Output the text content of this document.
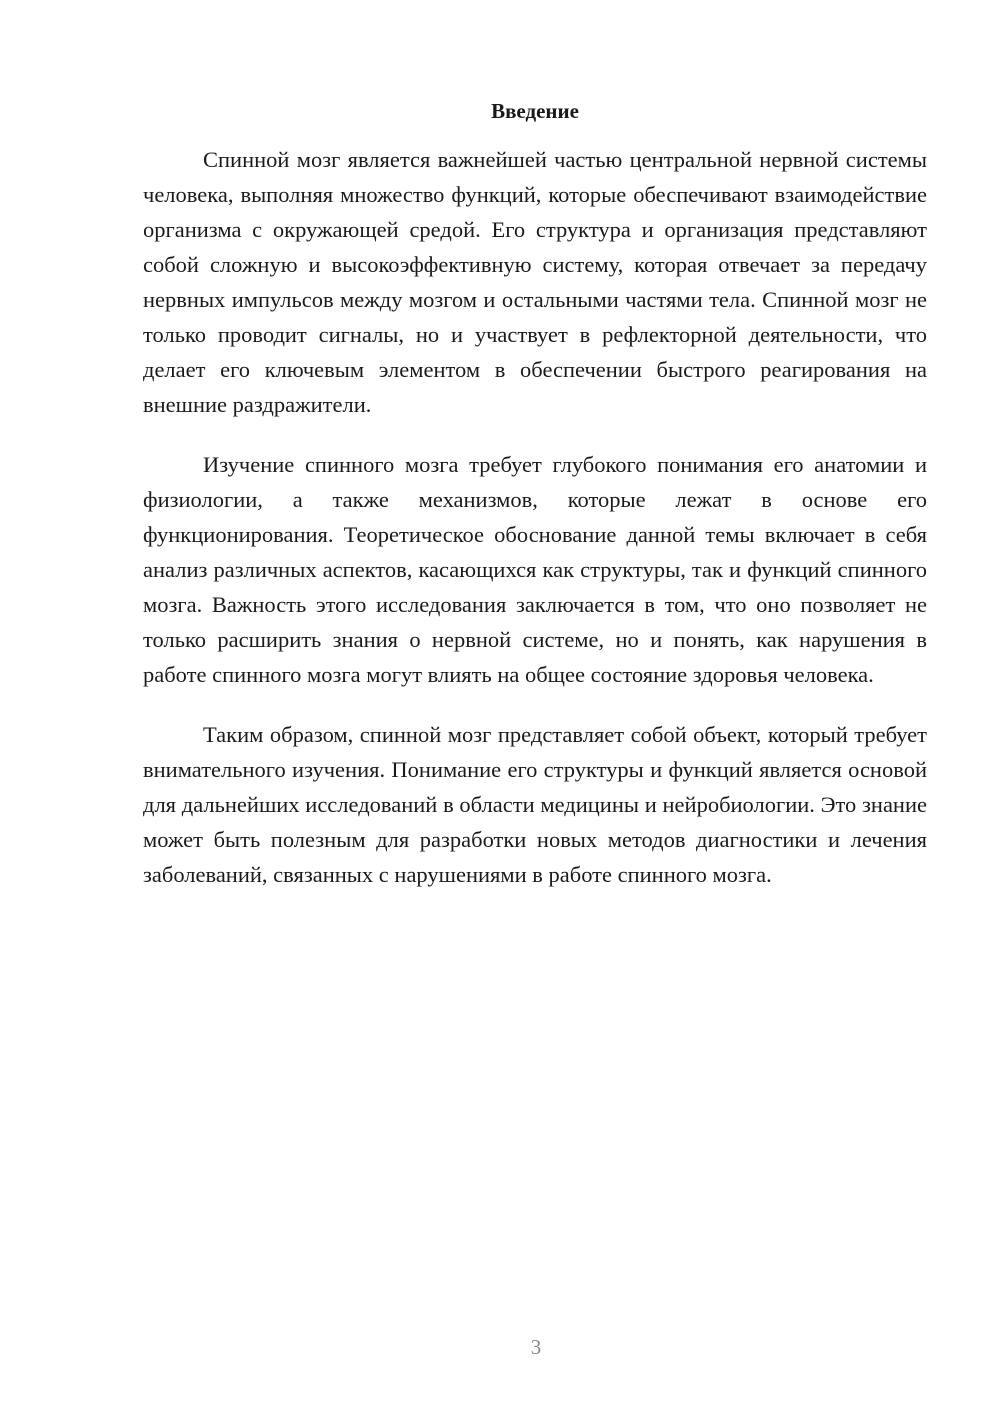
Введение

Спинной мозг является важнейшей частью центральной нервной системы человека, выполняя множество функций, которые обеспечивают взаимодействие организма с окружающей средой. Его структура и организация представляют собой сложную и высокоэффективную систему, которая отвечает за передачу нервных импульсов между мозгом и остальными частями тела. Спинной мозг не только проводит сигналы, но и участвует в рефлекторной деятельности, что делает его ключевым элементом в обеспечении быстрого реагирования на внешние раздражители.

Изучение спинного мозга требует глубокого понимания его анатомии и физиологии, а также механизмов, которые лежат в основе его функционирования. Теоретическое обоснование данной темы включает в себя анализ различных аспектов, касающихся как структуры, так и функций спинного мозга. Важность этого исследования заключается в том, что оно позволяет не только расширить знания о нервной системе, но и понять, как нарушения в работе спинного мозга могут влиять на общее состояние здоровья человека.

Таким образом, спинной мозг представляет собой объект, который требует внимательного изучения. Понимание его структуры и функций является основой для дальнейших исследований в области медицины и нейробиологии. Это знание может быть полезным для разработки новых методов диагностики и лечения заболеваний, связанных с нарушениями в работе спинного мозга.

3
